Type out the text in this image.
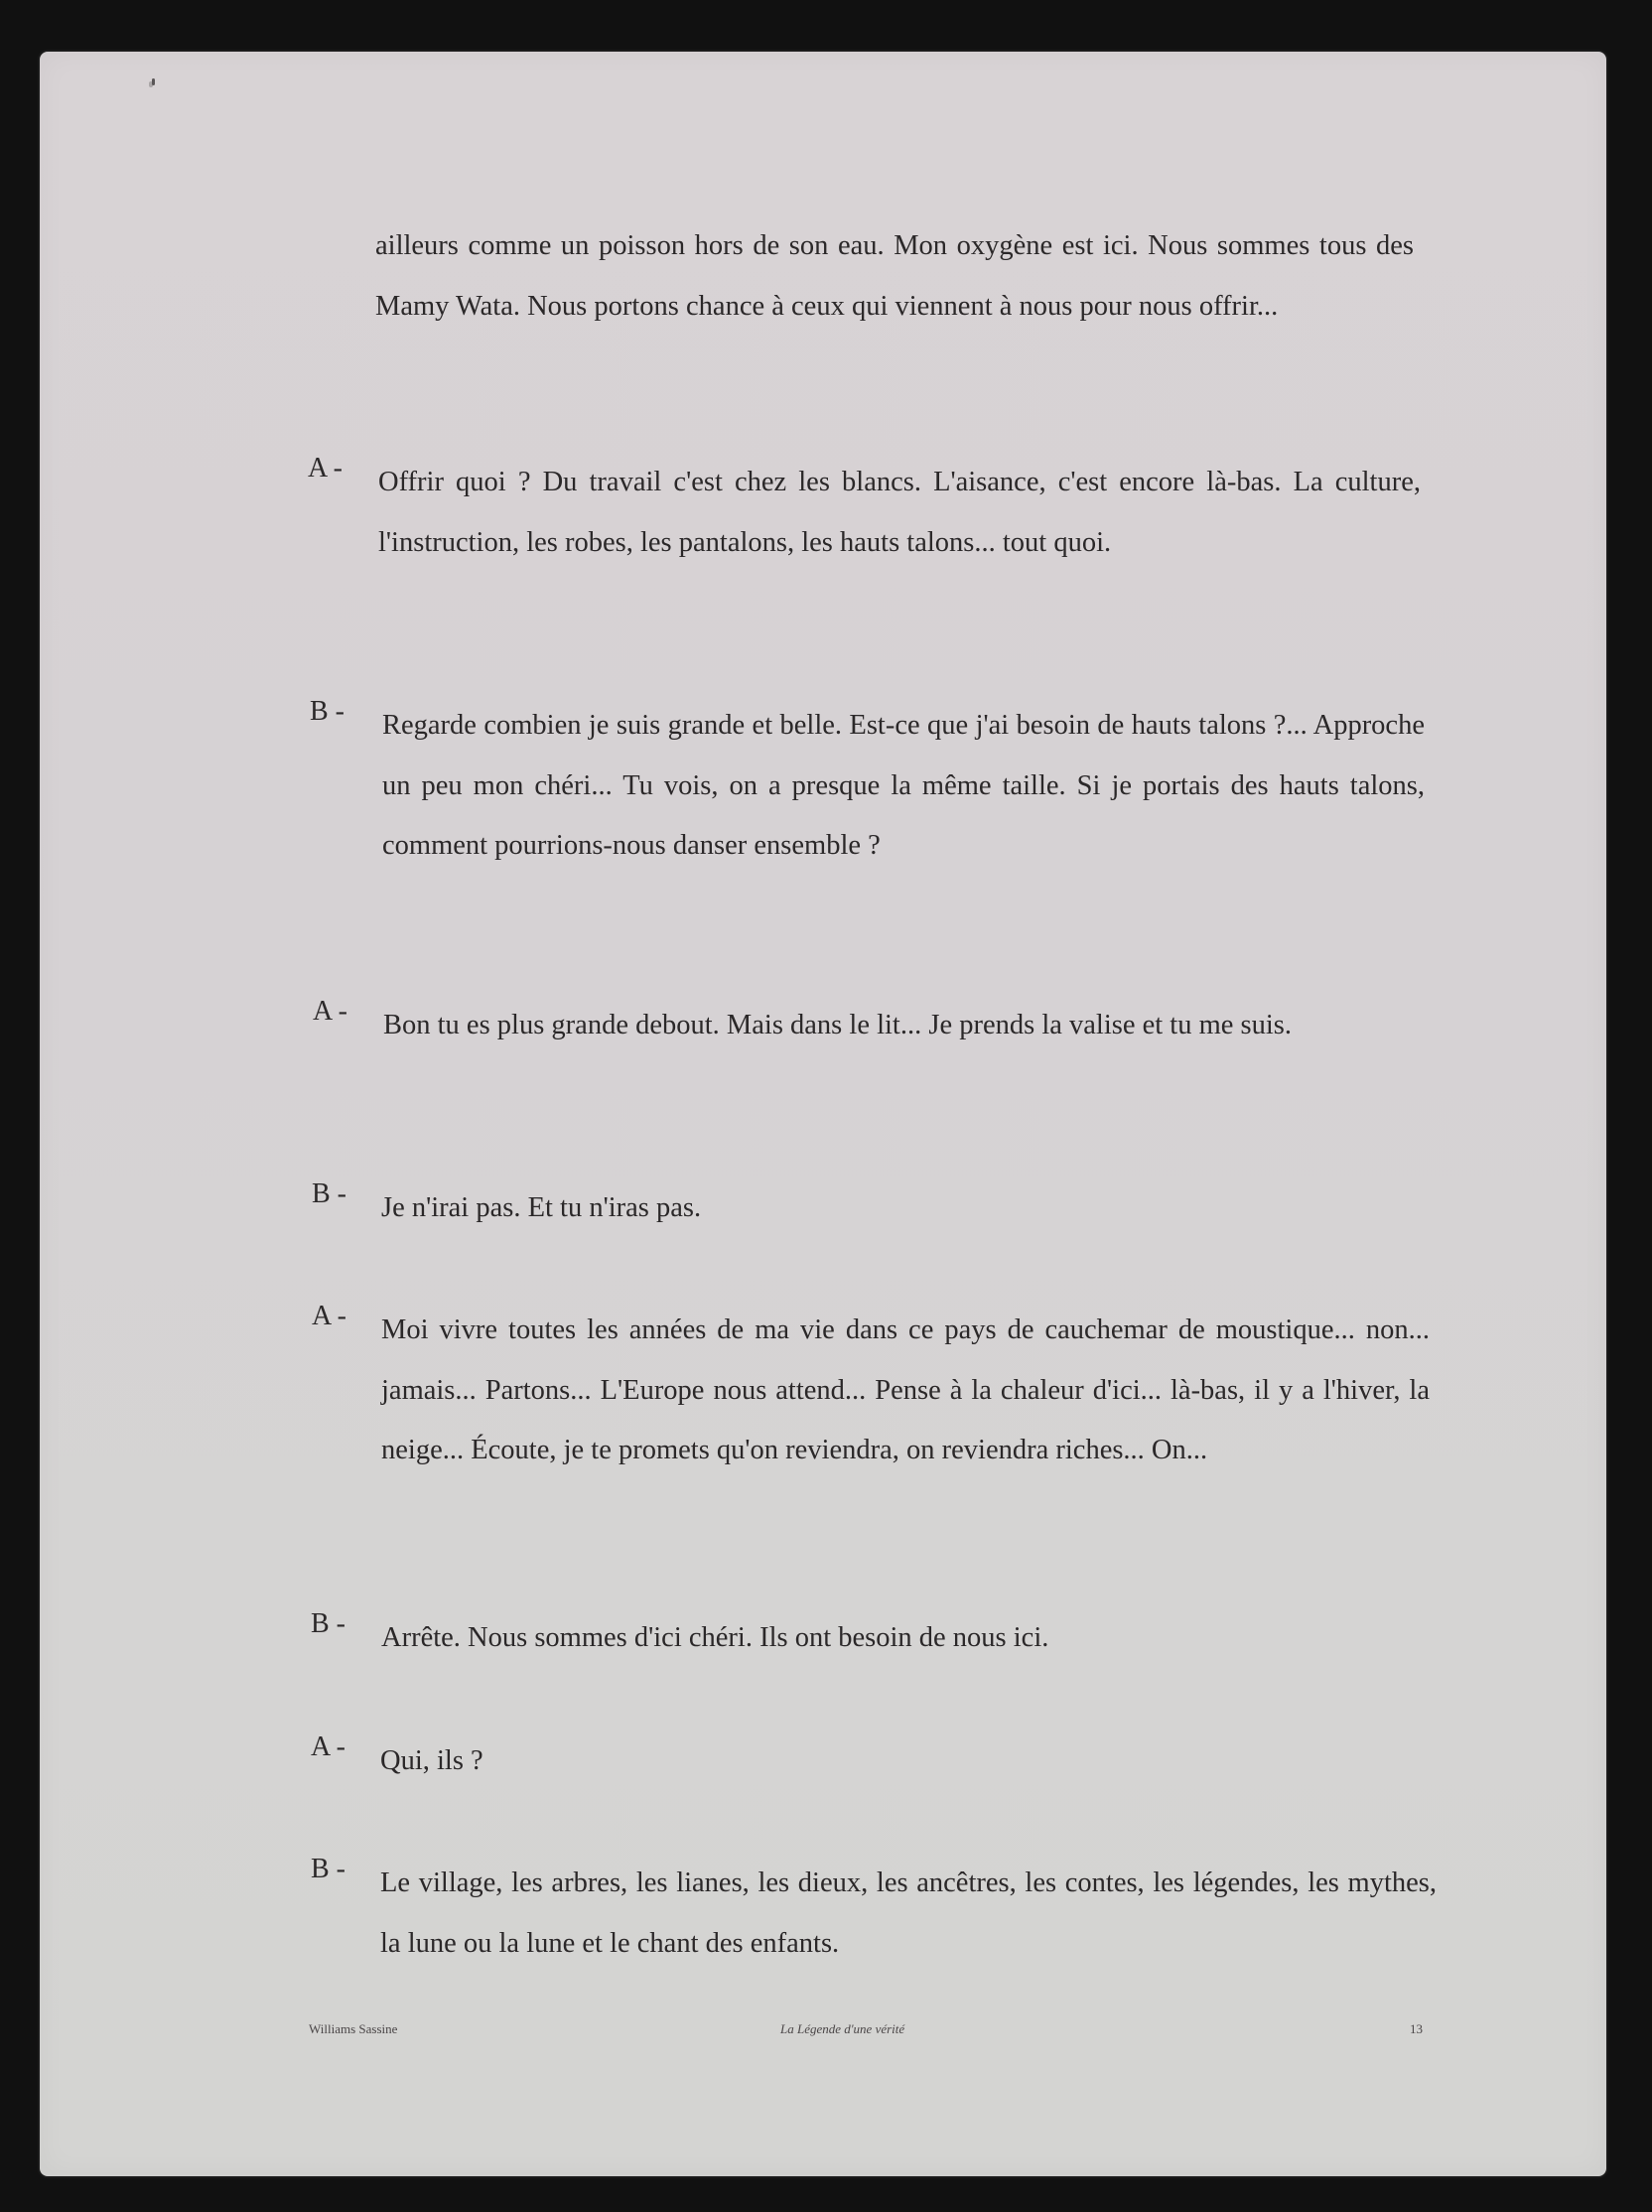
ailleurs comme un poisson hors de son eau. Mon oxygène est ici. Nous sommes tous des Mamy Wata. Nous portons chance à ceux qui viennent à nous pour nous offrir...
A - Offrir quoi ? Du travail c'est chez les blancs. L'aisance, c'est encore là-bas. La culture, l'instruction, les robes, les pantalons, les hauts talons... tout quoi.
B - Regarde combien je suis grande et belle. Est-ce que j'ai besoin de hauts talons ?... Approche un peu mon chéri... Tu vois, on a presque la même taille. Si je portais des hauts talons, comment pourrions-nous danser ensemble ?
A - Bon tu es plus grande debout. Mais dans le lit... Je prends la valise et tu me suis.
B - Je n'irai pas. Et tu n'iras pas.
A - Moi vivre toutes les années de ma vie dans ce pays de cauchemar de moustique... non... jamais... Partons... L'Europe nous attend... Pense à la chaleur d'ici... là-bas, il y a l'hiver, la neige... Écoute, je te promets qu'on reviendra, on reviendra riches... On...
B - Arrête. Nous sommes d'ici chéri. Ils ont besoin de nous ici.
A - Qui, ils ?
B - Le village, les arbres, les lianes, les dieux, les ancêtres, les contes, les légendes, les mythes, la lune ou la lune et le chant des enfants.
Williams Sassine	La Légende d'une vérité	13
